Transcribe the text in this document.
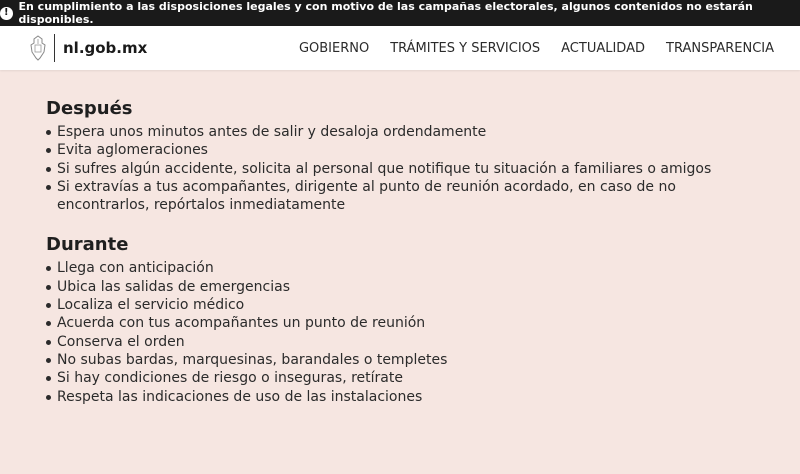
! En cumplimiento a las disposiciones legales y con motivo de las campañas electorales, algunos contenidos no estarán disponibles.
nl.gob.mx	GOBIERNO TRÁMITES Y SERVICIOS ACTUALIDAD TRANSPARENCIA
Después
Espera unos minutos antes de salir y desaloja ordendamente
Evita aglomeraciones
Si sufres algún accidente, solicita al personal que notifique tu situación a familiares o amigos
Si extravías a tus acompañantes, dirigente al punto de reunión acordado, en caso de no encontrarlos, repórtalos inmediatamente
Durante
Llega con anticipación
Ubica las salidas de emergencias
Localiza el servicio médico
Acuerda con tus acompañantes un punto de reunión
Conserva el orden
No subas bardas, marquesinas, barandales o templetes
Si hay condiciones de riesgo o inseguras, retírate
Respeta las indicaciones de uso de las instalaciones
